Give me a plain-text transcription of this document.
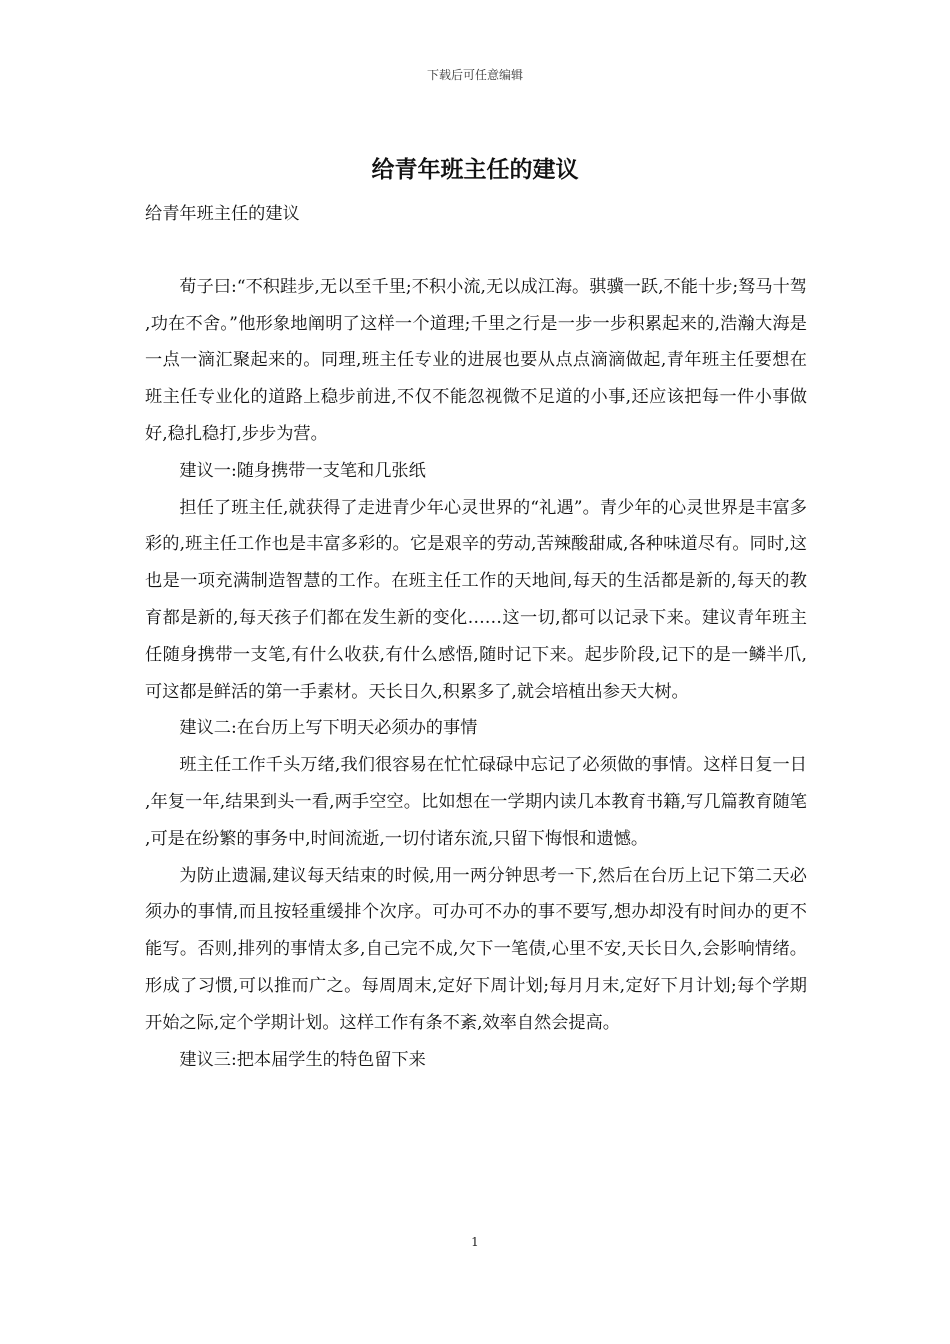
下载后可任意编辑
给青年班主任的建议

给青年班主任的建议

荀子曰:“不积跬步,无以至千里;不积小流,无以成江海。骐骥一跃,不能十步;驽马十驾,功在不舍。”他形象地阐明了这样一个道理;千里之行是一步一步积累起来的,浩瀚大海是一点一滴汇聚起来的。同理,班主任专业的进展也要从点点滴滴做起,青年班主任要想在班主任专业化的道路上稳步前进,不仅不能忽视微不足道的小事,还应该把每一件小事做好,稳扎稳打,步步为营。

建议一:随身携带一支笔和几张纸

担任了班主任,就获得了走进青少年心灵世界的“礼遇”。青少年的心灵世界是丰富多彩的,班主任工作也是丰富多彩的。它是艰辛的劳动,苦辣酸甜咸,各种味道尽有。同时,这也是一项充满制造智慧的工作。在班主任工作的天地间,每天的生活都是新的,每天的教育都是新的,每天孩子们都在发生新的变化……这一切,都可以记录下来。建议青年班主任随身携带一支笔,有什么收获,有什么感悟,随时记下来。起步阶段,记下的是一鳞半爪,可这都是鲜活的第一手素材。天长日久,积累多了,就会培植出参天大树。

建议二:在台历上写下明天必须办的事情

班主任工作千头万绪,我们很容易在忙忙碌碌中忘记了必须做的事情。这样日复一日,年复一年,结果到头一看,两手空空。比如想在一学期内读几本教育书籍,写几篇教育随笔,可是在纷繁的事务中,时间流逝,一切付诸东流,只留下悔恨和遗憾。

为防止遗漏,建议每天结束的时候,用一两分钟思考一下,然后在台历上记下第二天必须办的事情,而且按轻重缓排个次序。可办可不办的事不要写,想办却没有时间办的更不能写。否则,排列的事情太多,自己完不成,欠下一笔债,心里不安,天长日久,会影响情绪。形成了习惯,可以推而广之。每周周末,定好下周计划;每月月末,定好下月计划;每个学期开始之际,定个学期计划。这样工作有条不紊,效率自然会提高。

建议三:把本届学生的特色留下来

1
